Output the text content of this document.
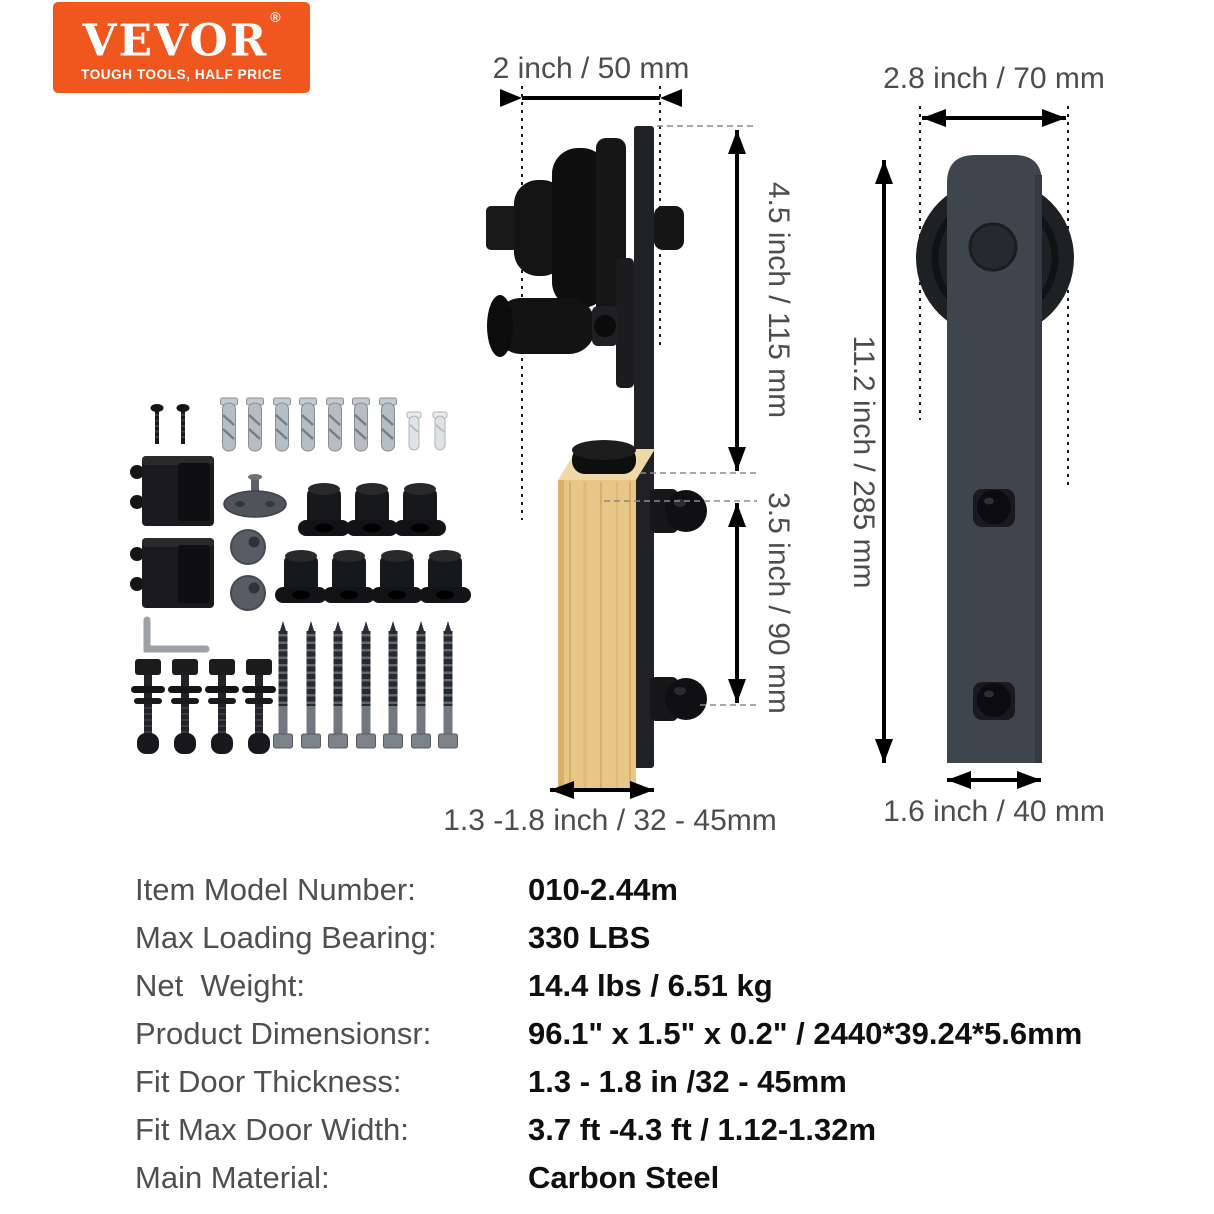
VEVOR ®
TOUGH TOOLS, HALF PRICE	2 inch / 50 mm
4.5 inch / 115 mm
3.5 inch / 90 mm
1.3 -1.8 inch / 32 - 45mm
2.8 inch / 70 mm
11.2 inch / 285 mm
1.6 inch / 40 mm
Item Model Number:	010-2.44m
Max Loading Bearing:	330 LBS
Net  Weight:	14.4 lbs / 6.51 kg
Product Dimensionsr:	96.1" x 1.5" x 0.2" / 2440*39.24*5.6mm
Fit Door Thickness:	1.3 - 1.8 in /32 - 45mm
Fit Max Door Width:	3.7 ft -4.3 ft / 1.12-1.32m
Main Material:	Carbon Steel
